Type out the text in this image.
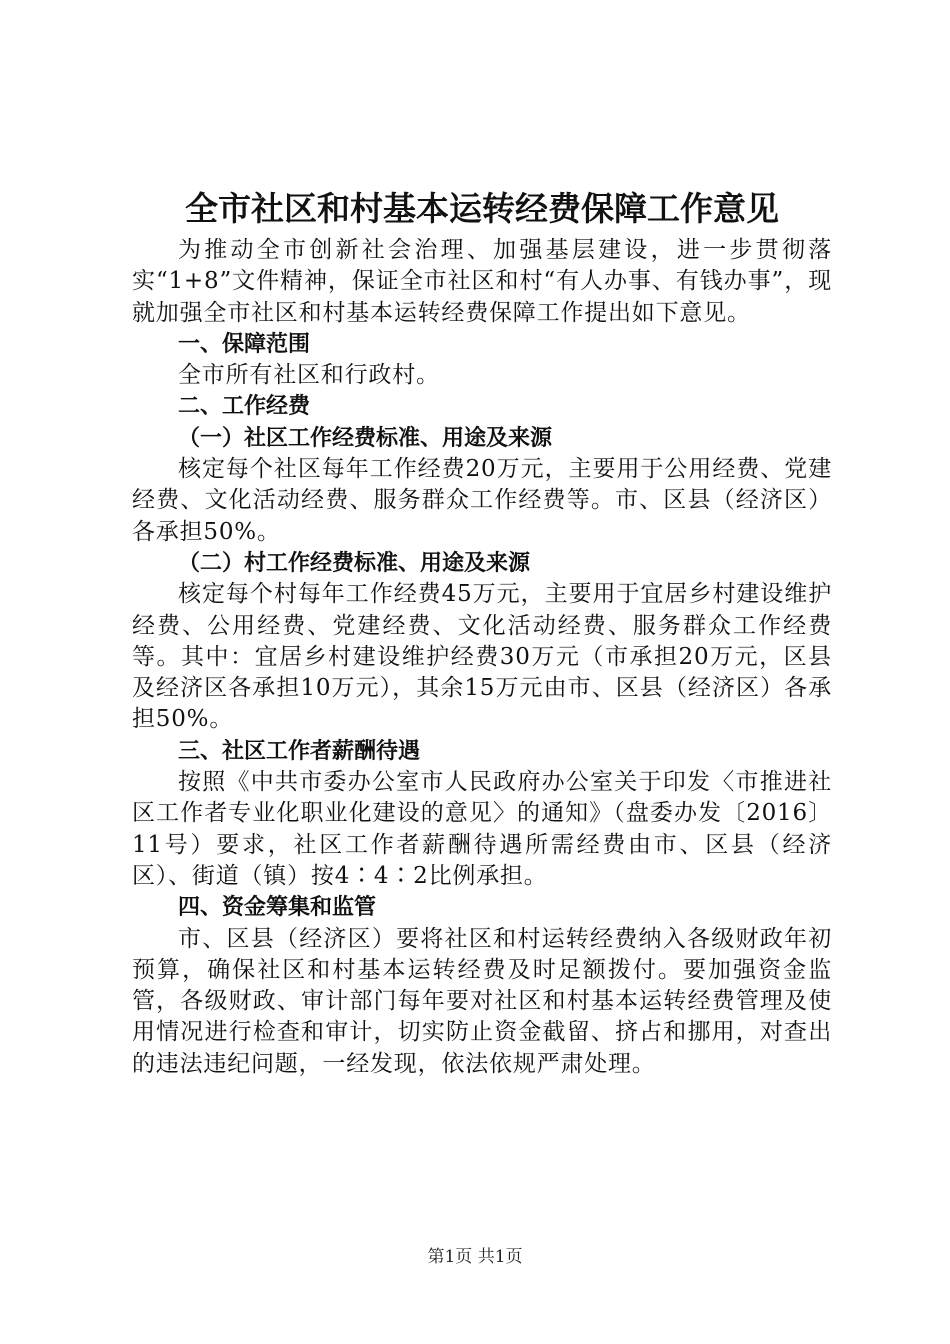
全市社区和村基本运转经费保障工作意见

为推动全市创新社会治理、加强基层建设，进一步贯彻落实“1+8”文件精神，保证全市社区和村“有人办事、有钱办事”，现就加强全市社区和村基本运转经费保障工作提出如下意见。

一、保障范围

全市所有社区和行政村。

二、工作经费

（一）社区工作经费标准、用途及来源

核定每个社区每年工作经费20万元，主要用于公用经费、党建经费、文化活动经费、服务群众工作经费等。市、区县（经济区）各承担50%。

（二）村工作经费标准、用途及来源

核定每个村每年工作经费45万元，主要用于宜居乡村建设维护经费、公用经费、党建经费、文化活动经费、服务群众工作经费等。其中：宜居乡村建设维护经费30万元（市承担20万元，区县及经济区各承担10万元），其余15万元由市、区县（经济区）各承担50%。

三、社区工作者薪酬待遇

按照《中共市委办公室市人民政府办公室关于印发〈市推进社区工作者专业化职业化建设的意见〉的通知》（盘委办发〔2016〕11号）要求，社区工作者薪酬待遇所需经费由市、区县（经济区）、街道（镇）按4∶4∶2比例承担。

四、资金筹集和监管

市、区县（经济区）要将社区和村运转经费纳入各级财政年初预算，确保社区和村基本运转经费及时足额拨付。要加强资金监管，各级财政、审计部门每年要对社区和村基本运转经费管理及使用情况进行检查和审计，切实防止资金截留、挤占和挪用，对查出的违法违纪问题，一经发现，依法依规严肃处理。

第1页 共1页
